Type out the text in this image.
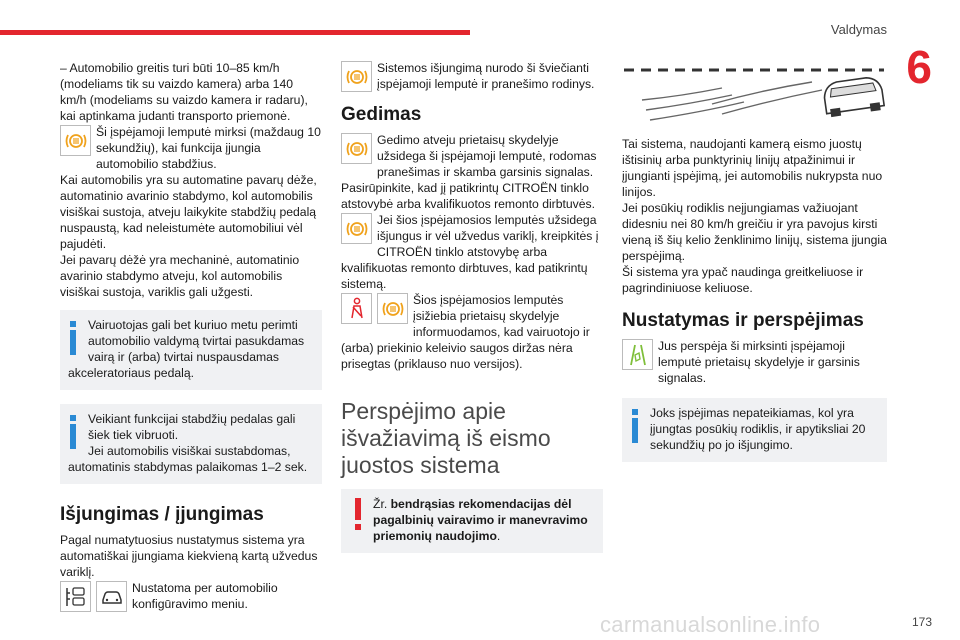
Valdymas
6
173
carmanualsonline.info

– Automobilio greitis turi būti 10–85 km/h (modeliams tik su vaizdo kamera) arba 140 km/h (modeliams su vaizdo kamera ir radaru), kai aptinkama judanti transporto priemonė.

Ši įspėjamoji lemputė mirksi (maždaug 10 sekundžių), kai funkcija įjungia automobilio stabdžius.

Kai automobilis yra su automatine pavarų dėže, automatinio avarinio stabdymo, kol automobilis visiškai sustoja, atveju laikykite stabdžių pedalą nuspaustą, kad neleistumėte automobiliui vėl pajudėti.

Jei pavarų dėžė yra mechaninė, automatinio avarinio stabdymo atveju, kol automobilis visiškai sustoja, variklis gali užgesti.

Vairuotojas gali bet kuriuo metu perimti automobilio valdymą tvirtai pasukdamas vairą ir (arba) tvirtai nuspausdamas akceleratoriaus pedalą.
Veikiant funkcijai stabdžių pedalas gali šiek tiek vibruoti.
Jei automobilis visiškai sustabdomas, automatinis stabdymas palaikomas 1–2 sek.
Išjungimas / įjungimas

Pagal numatytuosius nustatymus sistema yra automatiškai įjungiama kiekvieną kartą užvedus variklį.

Nustatoma per automobilio konfigūravimo meniu.
Sistemos išjungimą nurodo ši šviečianti įspėjamoji lemputė ir pranešimo rodinys.
Gedimas
Gedimo atveju prietaisų skydelyje užsidega ši įspėjamoji lemputė, rodomas pranešimas ir skamba garsinis signalas.

Pasirūpinkite, kad jį patikrintų CITROËN tinklo atstovybė arba kvalifikuotos remonto dirbtuvės.

Jei šios įspėjamosios lemputės užsidega išjungus ir vėl užvedus variklį, kreipkitės į CITROËN tinklo atstovybę arba kvalifikuotas remonto dirbtuves, kad patikrintų sistemą.
Šios įspėjamosios lemputės įsižiebia prietaisų skydelyje informuodamos, kad vairuotojo ir (arba) priekinio keleivio saugos diržas nėra prisegtas (priklauso nuo versijos).
Perspėjimo apie išvažiavimą iš eismo juostos sistema
Žr. bendrąsias rekomendacijas dėl pagalbinių vairavimo ir manevravimo priemonių naudojimo.

Tai sistema, naudojanti kamerą eismo juostų ištisinių arba punktyrinių linijų atpažinimui ir įjungianti įspėjimą, jei automobilis nukrypsta nuo linijos.

Jei posūkių rodiklis neįjungiamas važiuojant didesniu nei 80 km/h greičiu ir yra pavojus kirsti vieną iš šių kelio ženklinimo linijų, sistema įjungia perspėjimą.

Ši sistema yra ypač naudinga greitkeliuose ir pagrindiniuose keliuose.

Nustatymas ir perspėjimas
Jus perspėja ši mirksinti įspėjamoji lemputė prietaisų skydelyje ir garsinis signalas.
Joks įspėjimas nepateikiamas, kol yra įjungtas posūkių rodiklis, ir apytiksliai 20 sekundžių po jo išjungimo.
